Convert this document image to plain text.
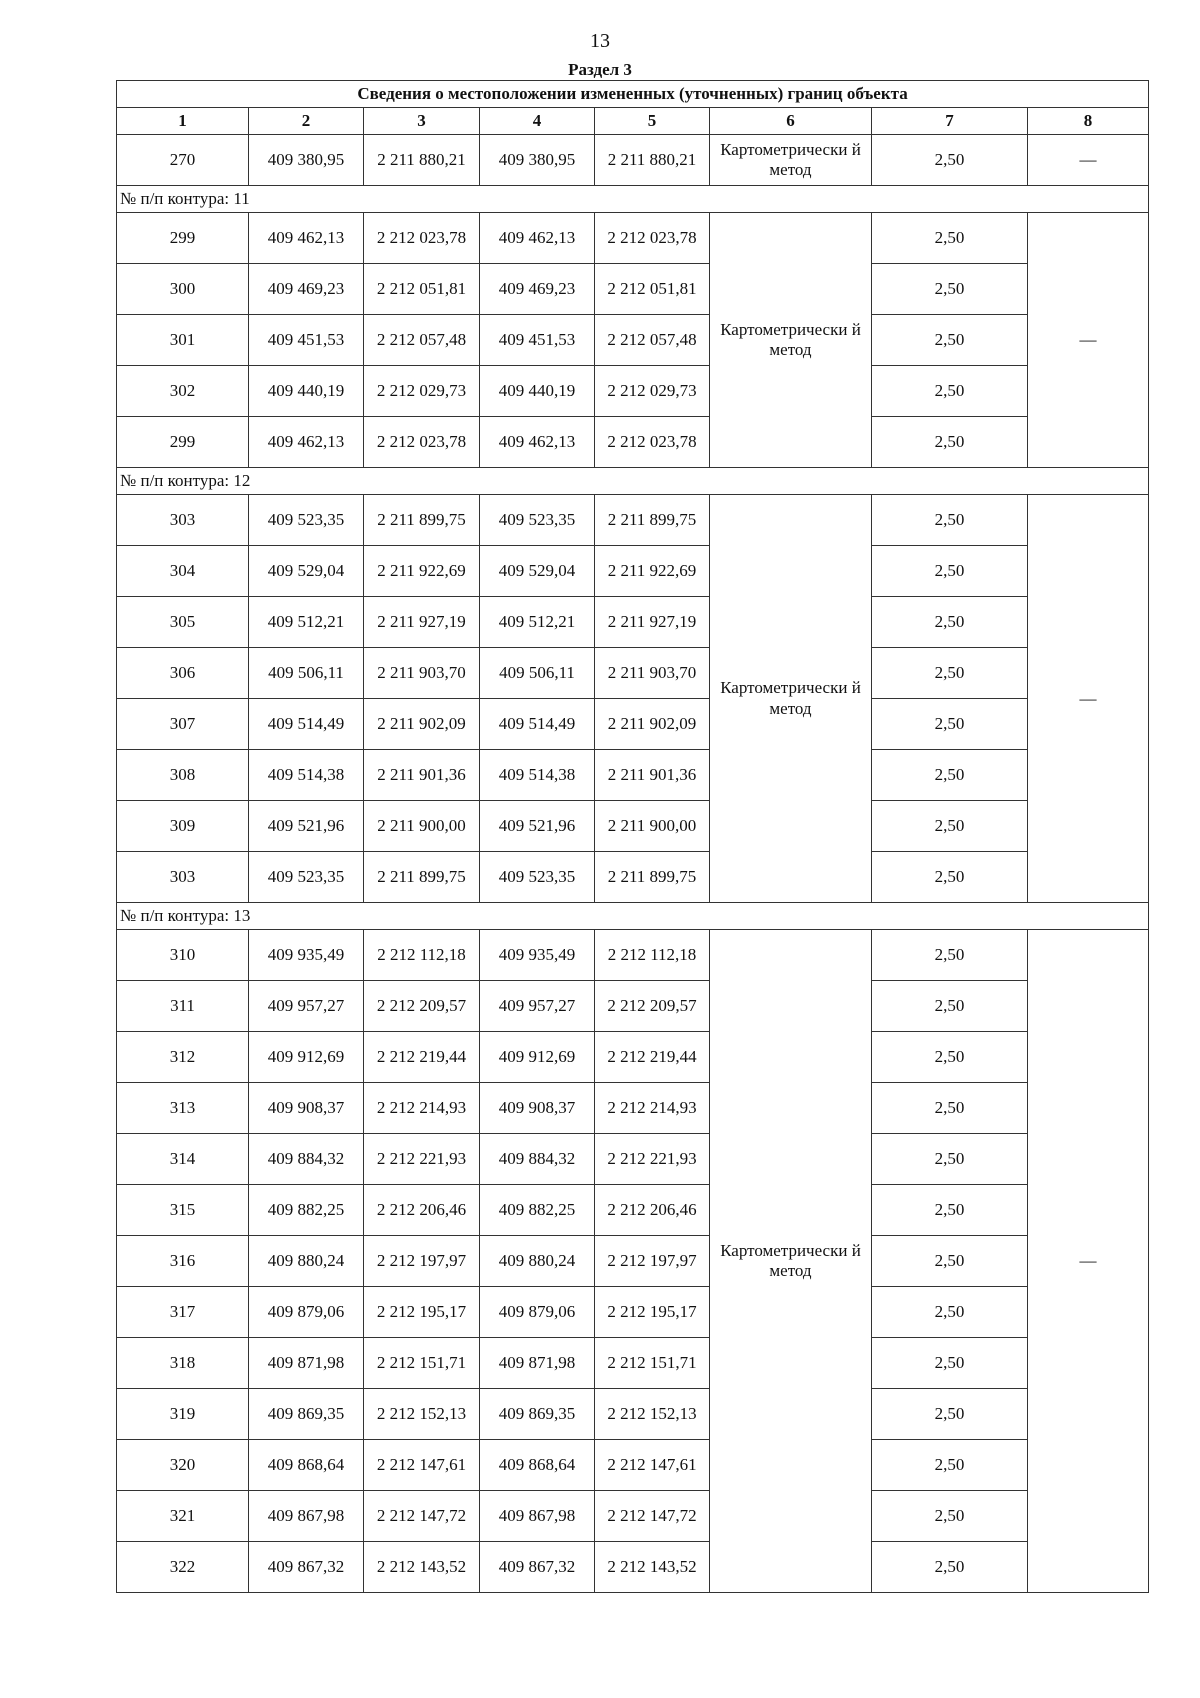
13
Раздел 3
Сведения о местоположении измененных (уточненных) границ объекта							
1	2	3	4	5	6	7	8
270	409 380,95	2 211 880,21	409 380,95	2 211 880,21	Картометрически й метод	2,50	—
№ п/п контура: 11							
299	409 462,13	2 212 023,78	409 462,13	2 212 023,78	Картометрически й метод	2,50	—
300	409 469,23	2 212 051,81	409 469,23	2 212 051,81		2,50	
301	409 451,53	2 212 057,48	409 451,53	2 212 057,48		2,50	
302	409 440,19	2 212 029,73	409 440,19	2 212 029,73		2,50	
299	409 462,13	2 212 023,78	409 462,13	2 212 023,78		2,50	
№ п/п контура: 12							
303	409 523,35	2 211 899,75	409 523,35	2 211 899,75	Картометрически й метод	2,50	—
304	409 529,04	2 211 922,69	409 529,04	2 211 922,69		2,50	
305	409 512,21	2 211 927,19	409 512,21	2 211 927,19		2,50	
306	409 506,11	2 211 903,70	409 506,11	2 211 903,70		2,50	
307	409 514,49	2 211 902,09	409 514,49	2 211 902,09		2,50	
308	409 514,38	2 211 901,36	409 514,38	2 211 901,36		2,50	
309	409 521,96	2 211 900,00	409 521,96	2 211 900,00		2,50	
303	409 523,35	2 211 899,75	409 523,35	2 211 899,75		2,50	
№ п/п контура: 13							
310	409 935,49	2 212 112,18	409 935,49	2 212 112,18	Картометрически й метод	2,50	—
311	409 957,27	2 212 209,57	409 957,27	2 212 209,57		2,50	
312	409 912,69	2 212 219,44	409 912,69	2 212 219,44		2,50	
313	409 908,37	2 212 214,93	409 908,37	2 212 214,93		2,50	
314	409 884,32	2 212 221,93	409 884,32	2 212 221,93		2,50	
315	409 882,25	2 212 206,46	409 882,25	2 212 206,46		2,50	
316	409 880,24	2 212 197,97	409 880,24	2 212 197,97		2,50	
317	409 879,06	2 212 195,17	409 879,06	2 212 195,17		2,50	
318	409 871,98	2 212 151,71	409 871,98	2 212 151,71		2,50	
319	409 869,35	2 212 152,13	409 869,35	2 212 152,13		2,50	
320	409 868,64	2 212 147,61	409 868,64	2 212 147,61		2,50	
321	409 867,98	2 212 147,72	409 867,98	2 212 147,72		2,50	
322	409 867,32	2 212 143,52	409 867,32	2 212 143,52		2,50	
